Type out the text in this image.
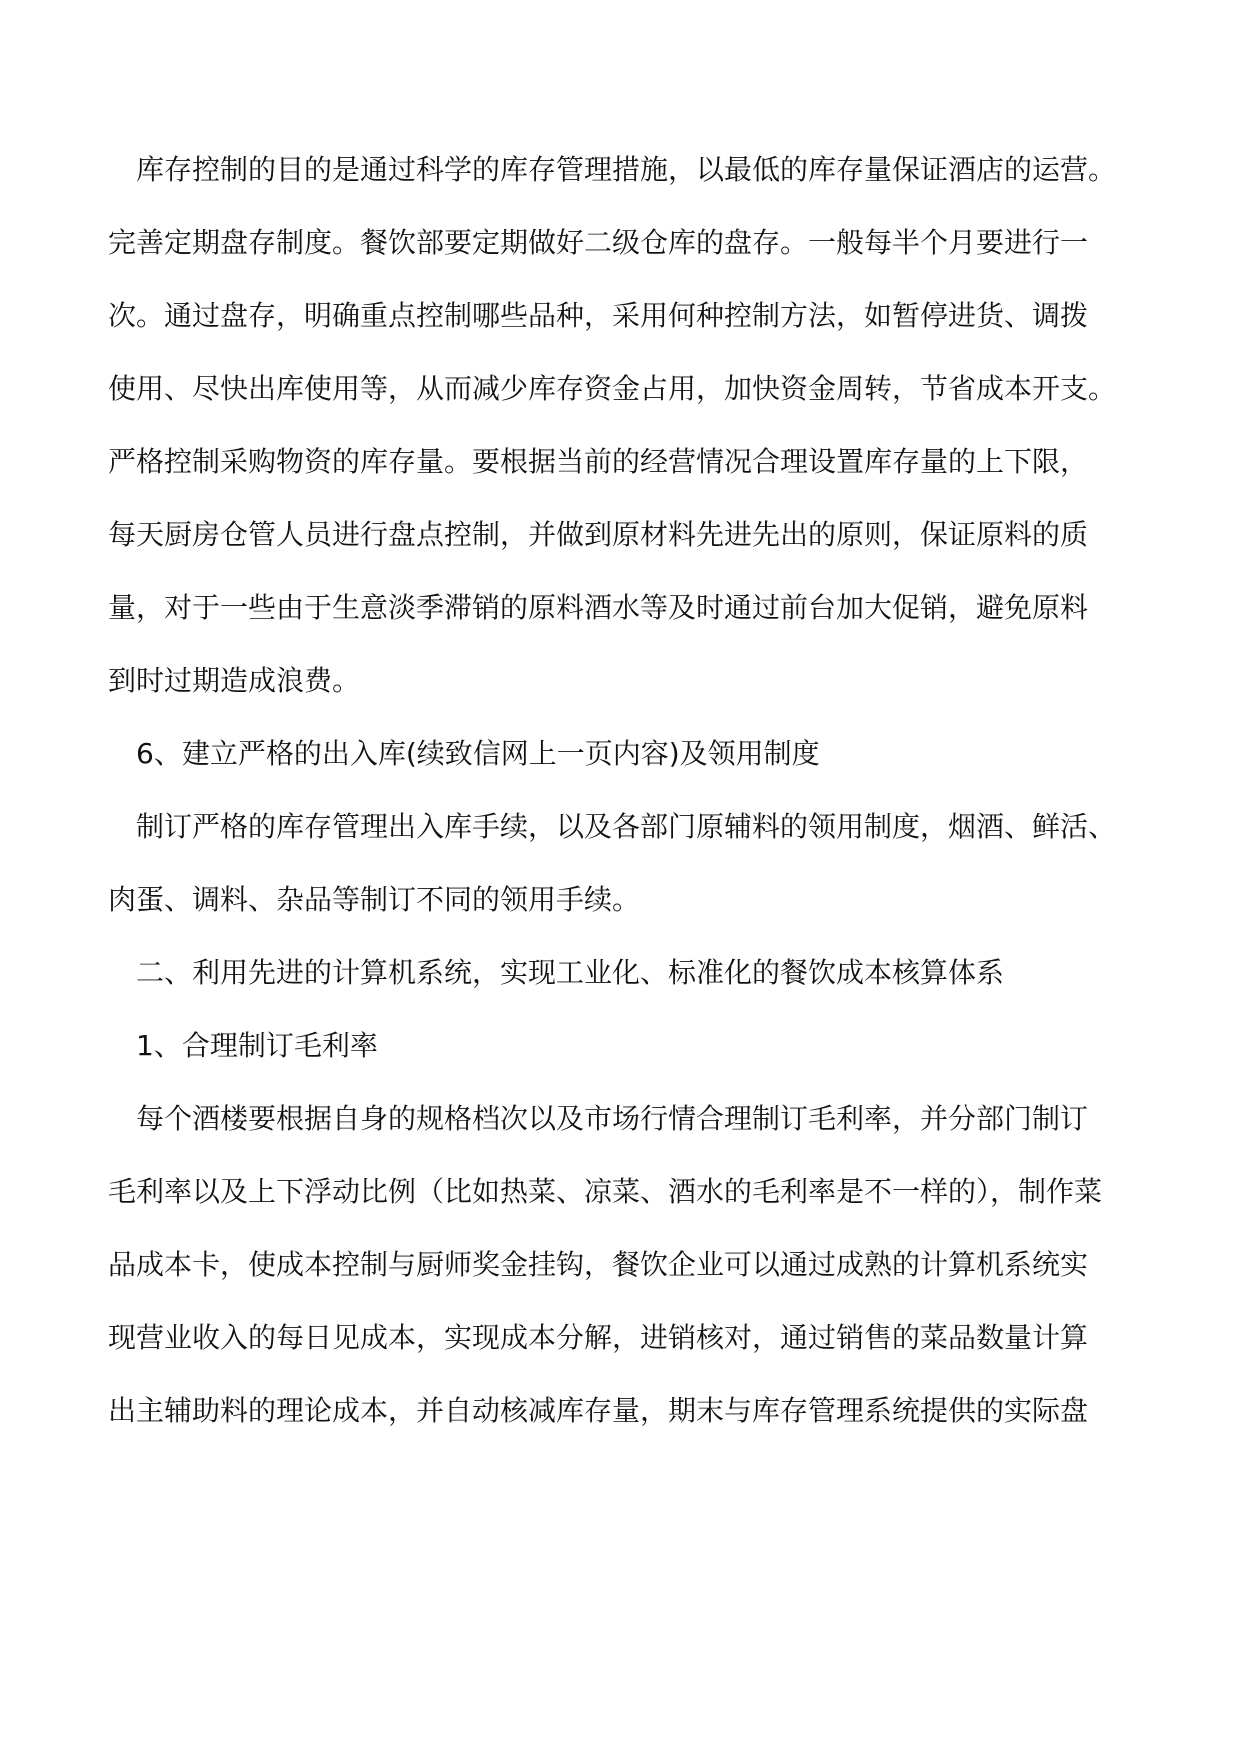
　库存控制的目的是通过科学的库存管理措施，以最低的库存量保证酒店的运营。
完善定期盘存制度。餐饮部要定期做好二级仓库的盘存。一般每半个月要进行一
次。通过盘存，明确重点控制哪些品种，采用何种控制方法，如暂停进货、调拨
使用、尽快出库使用等，从而减少库存资金占用，加快资金周转，节省成本开支。
严格控制采购物资的库存量。要根据当前的经营情况合理设置库存量的上下限，
每天厨房仓管人员进行盘点控制，并做到原材料先进先出的原则，保证原料的质
量，对于一些由于生意淡季滞销的原料酒水等及时通过前台加大促销，避免原料
到时过期造成浪费。
　6、建立严格的出入库(续致信网上一页内容)及领用制度
　制订严格的库存管理出入库手续，以及各部门原辅料的领用制度，烟酒、鲜活、
肉蛋、调料、杂品等制订不同的领用手续。
　二、利用先进的计算机系统，实现工业化、标准化的餐饮成本核算体系
　1、合理制订毛利率
　每个酒楼要根据自身的规格档次以及市场行情合理制订毛利率，并分部门制订
毛利率以及上下浮动比例（比如热菜、凉菜、酒水的毛利率是不一样的），制作菜
品成本卡，使成本控制与厨师奖金挂钩，餐饮企业可以通过成熟的计算机系统实
现营业收入的每日见成本，实现成本分解，进销核对，通过销售的菜品数量计算
出主辅助料的理论成本，并自动核减库存量，期末与库存管理系统提供的实际盘
